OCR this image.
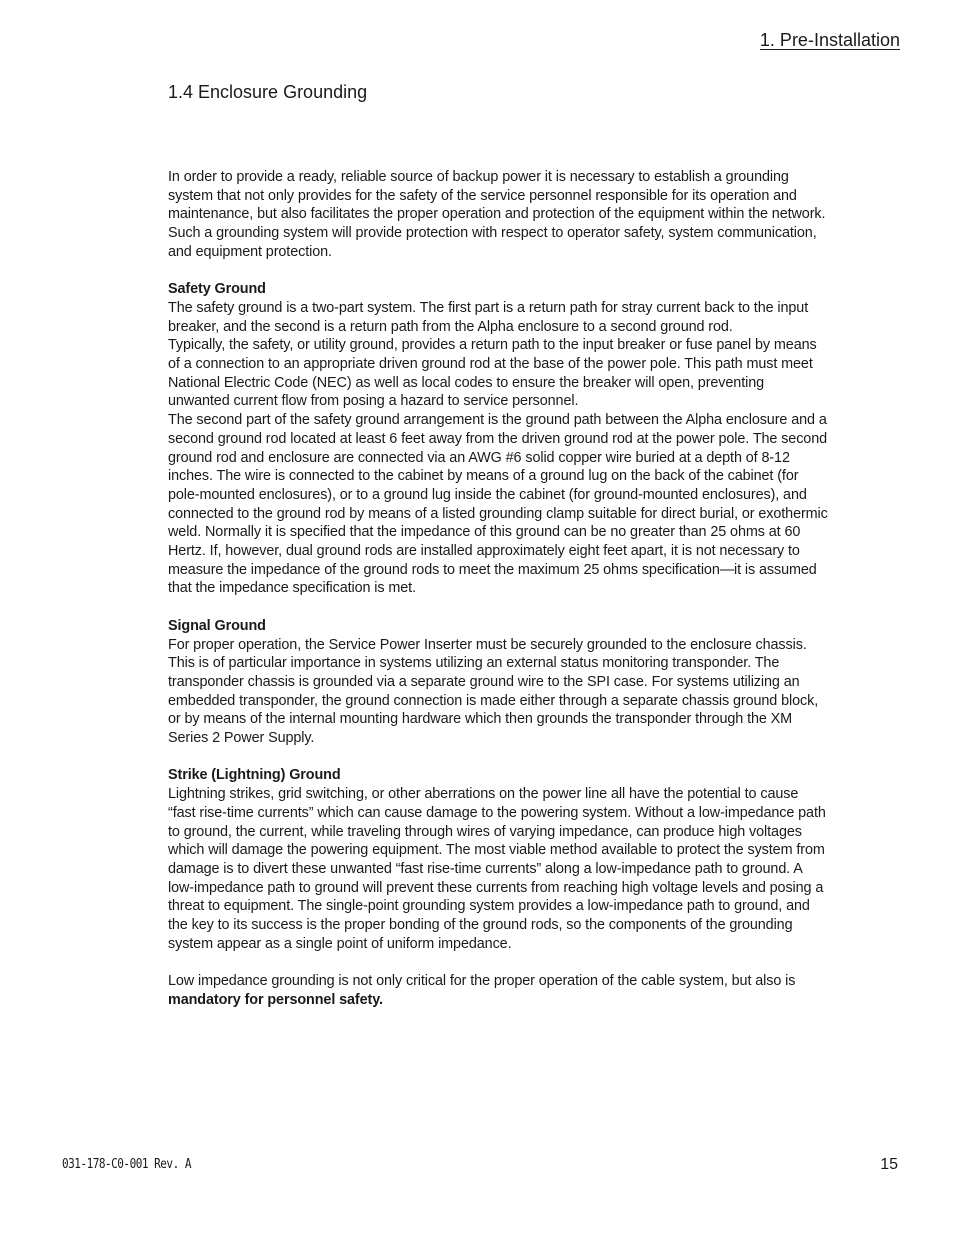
1. Pre-Installation
1.4 Enclosure Grounding

In order to provide a ready, reliable source of backup power it is necessary to establish a grounding system that not only provides for the safety of the service personnel responsible for its operation and maintenance, but also facilitates the proper operation and protection of the equipment within the network. Such a grounding system will provide protection with respect to operator safety, system communication, and equipment protection.

Safety Ground

The safety ground is a two-part system. The first part is a return path for stray current back to the input breaker, and the second is a return path from the Alpha enclosure to a second ground rod.

Typically, the safety, or utility ground, provides a return path to the input breaker or fuse panel by means of a connection to an appropriate driven ground rod at the base of the power pole. This path must meet National Electric Code (NEC) as well as local codes to ensure the breaker will open, preventing unwanted current flow from posing a hazard to service personnel.

The second part of the safety ground arrangement is the ground path between the Alpha enclosure and a second ground rod located at least 6 feet away from the driven ground rod at the power pole. The second ground rod and enclosure are connected via an AWG #6 solid copper wire buried at a depth of 8-12 inches. The wire is connected to the cabinet by means of a ground lug on the back of the cabinet (for pole-mounted enclosures), or to a ground lug inside the cabinet (for ground-mounted enclosures), and connected to the ground rod by means of a listed grounding clamp suitable for direct burial, or exothermic weld. Normally it is specified that the impedance of this ground can be no greater than 25 ohms at 60 Hertz. If, however, dual ground rods are installed approximately eight feet apart, it is not necessary to measure the impedance of the ground rods to meet the maximum 25 ohms specification—it is assumed that the impedance specification is met.

Signal Ground

For proper operation, the Service Power Inserter must be securely grounded to the enclosure chassis. This is of particular importance in systems utilizing an external status monitoring transponder. The transponder chassis is grounded via a separate ground wire to the SPI case. For systems utilizing an embedded transponder, the ground connection is made either through a separate chassis ground block, or by means of the internal mounting hardware which then grounds the transponder through the XM Series 2 Power Supply.

Strike (Lightning) Ground

Lightning strikes, grid switching, or other aberrations on the power line all have the potential to cause “fast rise-time currents” which can cause damage to the powering system. Without a low-impedance path to ground, the current, while traveling through wires of varying impedance, can produce high voltages which will damage the powering equipment. The most viable method available to protect the system from damage is to divert these unwanted “fast rise-time currents” along a low-impedance path to ground. A low-impedance path to ground will prevent these currents from reaching high voltage levels and posing a threat to equipment. The single-point grounding system provides a low-impedance path to ground, and the key to its success is the proper bonding of the ground rods, so the components of the grounding system appear as a single point of uniform impedance.

Low impedance grounding is not only critical for the proper operation of the cable system, but also is mandatory for personnel safety.

031-178-C0-001 Rev. A	15
